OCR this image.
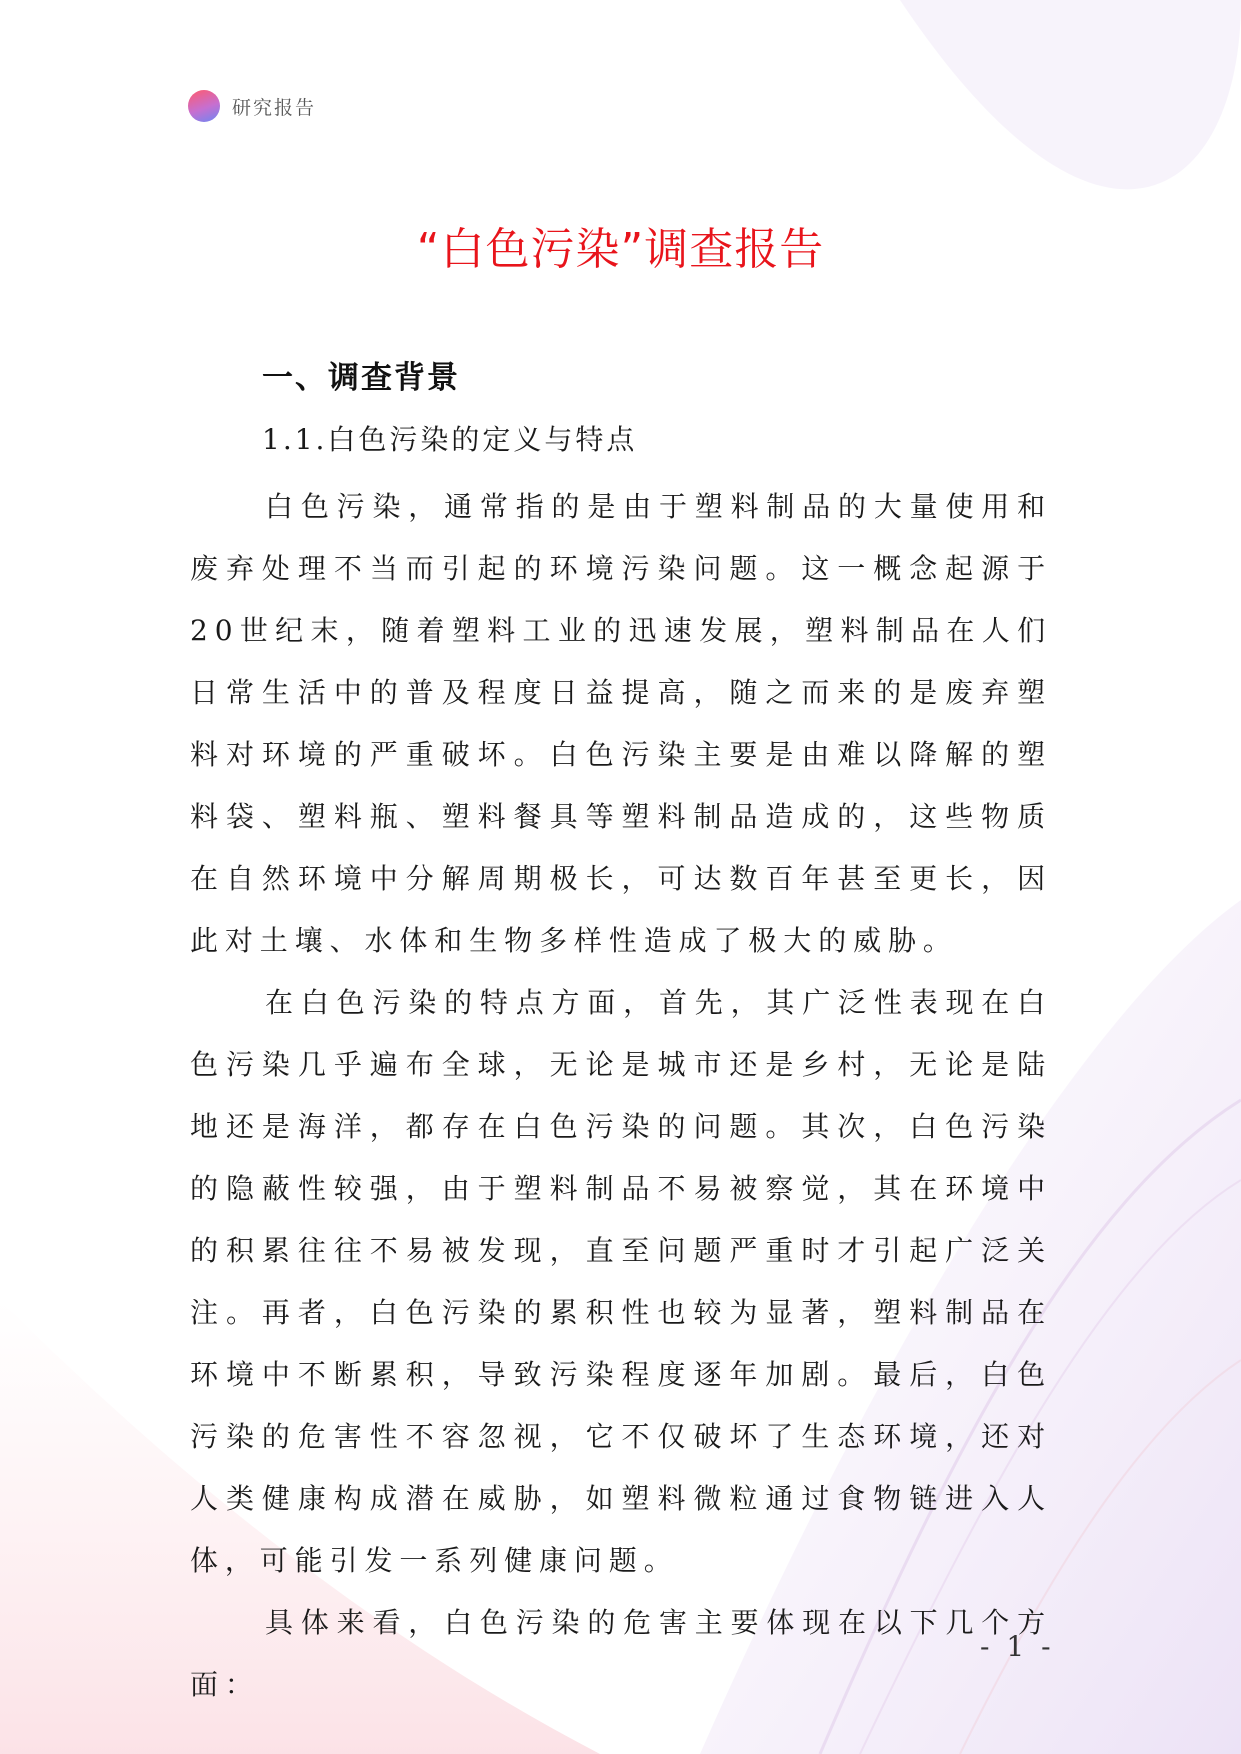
研究报告
“白色污染”调查报告
一、调查背景
1.1.白色污染的定义与特点

白色污染，通常指的是由于塑料制品的大量使用和废弃处理不当而引起的环境污染问题。这一概念起源于20世纪末，随着塑料工业的迅速发展，塑料制品在人们日常生活中的普及程度日益提高，随之而来的是废弃塑料对环境的严重破坏。白色污染主要是由难以降解的塑料袋、塑料瓶、塑料餐具等塑料制品造成的，这些物质在自然环境中分解周期极长，可达数百年甚至更长，因此对土壤、水体和生物多样性造成了极大的威胁。

在白色污染的特点方面，首先，其广泛性表现在白色污染几乎遍布全球，无论是城市还是乡村，无论是陆地还是海洋，都存在白色污染的问题。其次，白色污染的隐蔽性较强，由于塑料制品不易被察觉，其在环境中的积累往往不易被发现，直至问题严重时才引起广泛关注。再者，白色污染的累积性也较为显著，塑料制品在环境中不断累积，导致污染程度逐年加剧。最后，白色污染的危害性不容忽视，它不仅破坏了生态环境，还对人类健康构成潜在威胁，如塑料微粒通过食物链进入人体，可能引发一系列健康问题。

具体来看，白色污染的危害主要体现在以下几个方面：

- 1 -
